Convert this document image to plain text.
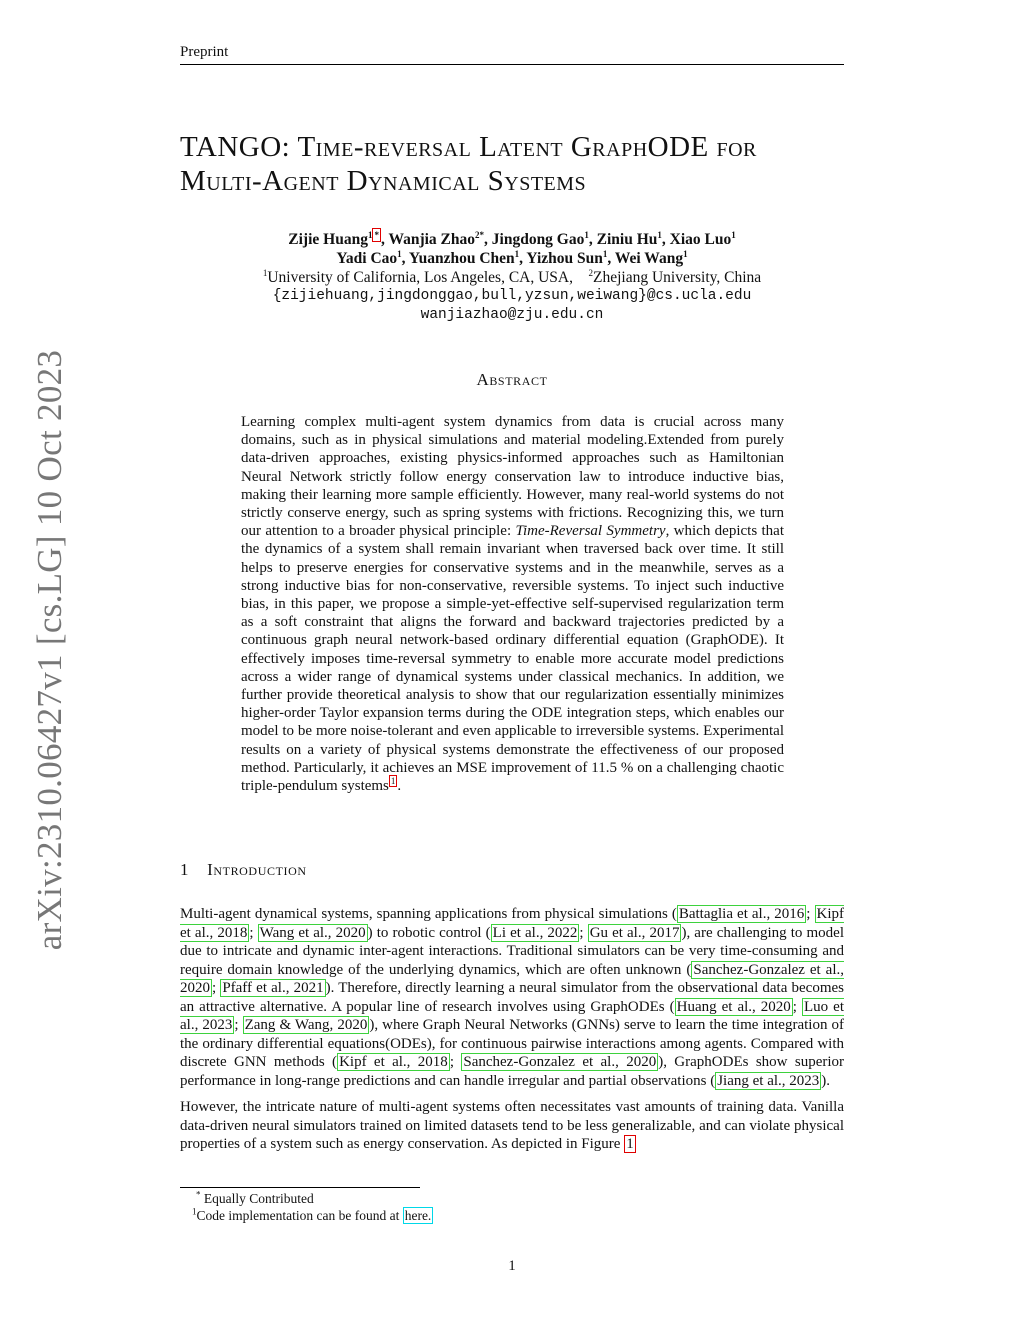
Preprint
arXiv:2310.06427v1 [cs.LG] 10 Oct 2023
TANGO: Time-reversal Latent GraphODE for
Multi-Agent Dynamical Systems
Zijie Huang$^{1 *}$ , Wanjia Zhao$^{2*}$, Jingdong Gao$^1$, Ziniu Hu$^1$, Xiao Luo$^1$
Yadi Cao$^1$, Yuanzhou Chen$^1$, Yizhou Sun$^1$, Wei Wang$^1$
$^1$University of California, Los Angeles, CA, USA, $^2$Zhejiang University, China
{zijiehuang,jingdonggao,bull,yzsun,weiwang}@cs.ucla.edu
wanjiazhao@zju.edu.cn
Abstract
Learning complex multi-agent system dynamics from data is crucial across many domains, such as in physical simulations and material modeling.Extended from purely data-driven approaches, existing physics-informed approaches such as Hamiltonian Neural Network strictly follow energy conservation law to introduce inductive bias, making their learning more sample efficiently. However, many real-world systems do not strictly conserve energy, such as spring systems with frictions. Recognizing this, we turn our attention to a broader physical principle: Time-Reversal Symmetry, which depicts that the dynamics of a system shall remain invariant when traversed back over time. It still helps to preserve energies for conservative systems and in the meanwhile, serves as a strong inductive bias for non-conservative, reversible systems. To inject such inductive bias, in this paper, we propose a simple-yet-effective self-supervised regularization term as a soft constraint that aligns the forward and backward trajectories predicted by a continuous graph neural network-based ordinary differential equation (GraphODE). It effectively imposes time-reversal symmetry to enable more accurate model predictions across a wider range of dynamical systems under classical mechanics. In addition, we further provide theoretical analysis to show that our regularization essentially minimizes higher-order Taylor expansion terms during the ODE integration steps, which enables our model to be more noise-tolerant and even applicable to irreversible systems. Experimental results on a variety of physical systems demonstrate the effectiveness of our proposed method. Particularly, it achieves an MSE improvement of 11.5 % on a challenging chaotic triple-pendulum systems $^1$ .
1 Introduction

Multi-agent dynamical systems, spanning applications from physical simulations ( Battaglia et al., 2016 ; Kipf et al., 2018 ; Wang et al., 2020 ) to robotic control ( Li et al., 2022 ; Gu et al., 2017 ), are challenging to model due to intricate and dynamic inter-agent interactions. Traditional simulators can be very time-consuming and require domain knowledge of the underlying dynamics, which are often unknown ( Sanchez-Gonzalez et al., 2020 ; Pfaff et al., 2021 ). Therefore, directly learning a neural simulator from the observational data becomes an attractive alternative. A popular line of research involves using GraphODEs ( Huang et al., 2020 ; Luo et al., 2023 ; Zang & Wang, 2020 ), where Graph Neural Networks (GNNs) serve to learn the time integration of the ordinary differential equations(ODEs), for continuous pairwise interactions among agents. Compared with discrete GNN methods ( Kipf et al., 2018 ; Sanchez-Gonzalez et al., 2020 ), GraphODEs show superior performance in long-range predictions and can handle irregular and partial observations ( Jiang et al., 2023 ).

However, the intricate nature of multi-agent systems often necessitates vast amounts of training data. Vanilla data-driven neural simulators trained on limited datasets tend to be less generalizable, and can violate physical properties of a system such as energy conservation. As depicted in Figure 1

* Equally Contributed
$^1$Code implementation can be found at here.
1
